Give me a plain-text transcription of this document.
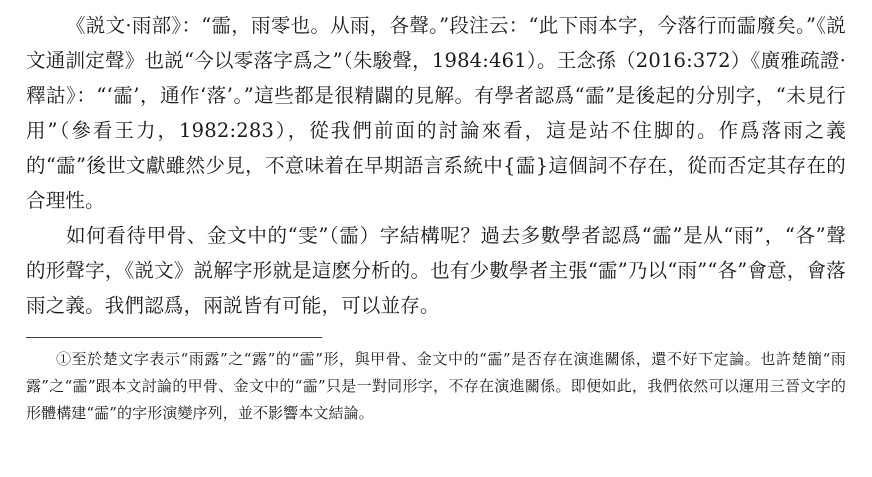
《説文·雨部》：“霝，雨零也。从雨，各聲。”段注云：“此下雨本字，今落行而霝廢矣。”《説文通訓定聲》也説“今以零落字爲之”（朱駿聲，1984:461）。王念孫（2016:372）《廣雅疏證·釋詁》：“‘霝’，通作‘落’。”這些都是很精闢的見解。有學者認爲“霝”是後起的分別字，“未見行用”（參看王力，1982:283），從我們前面的討論來看，這是站不住脚的。作爲落雨之義的“霝”後世文獻雖然少見，不意味着在早期語言系統中{霝}這個詞不存在，從而否定其存在的合理性。

如何看待甲骨、金文中的“雯”（霝）字結構呢？過去多數學者認爲“霝”是从“雨”，“各”聲的形聲字，《説文》説解字形就是這麽分析的。也有少數學者主張“霝”乃以“雨”“各”會意，會落雨之義。我們認爲，兩説皆有可能，可以並存。

①至於楚文字表示“雨露”之“露”的“霝”形，與甲骨、金文中的“霝”是否存在演進關係，還不好下定論。也許楚簡“雨露”之“霝”跟本文討論的甲骨、金文中的“霝”只是一對同形字，不存在演進關係。即便如此，我們依然可以運用三晉文字的形體構建“霝”的字形演變序列，並不影響本文結論。
